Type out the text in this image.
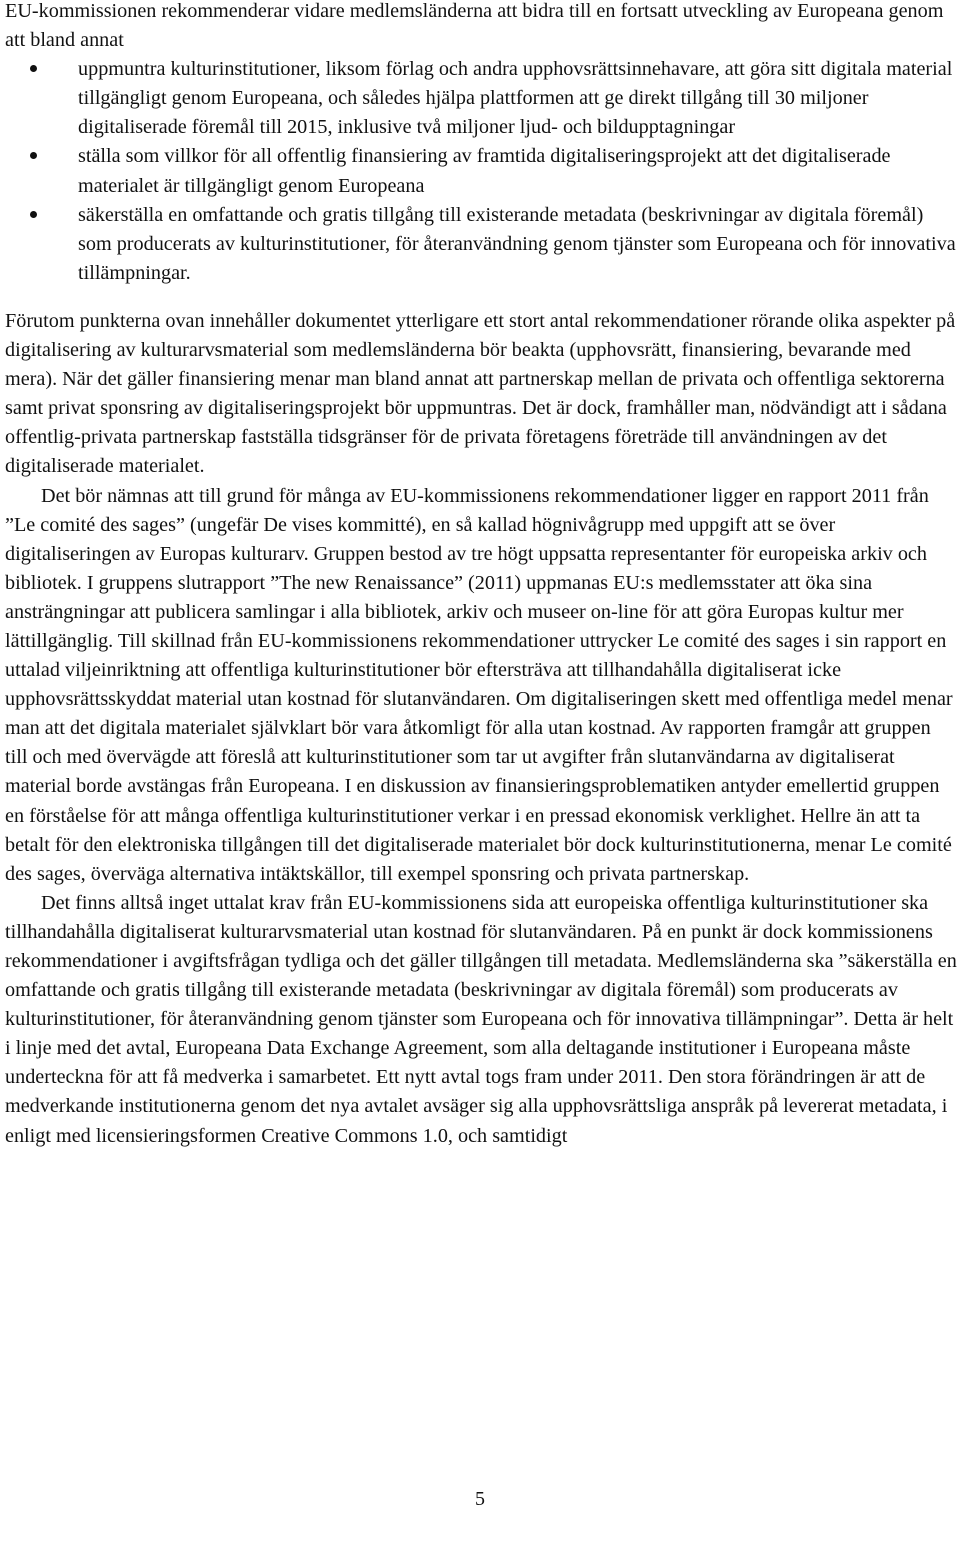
EU-kommissionen rekommenderar vidare medlemsländerna att bidra till en fortsatt utveckling av Europeana genom att bland annat

uppmuntra kulturinstitutioner, liksom förlag och andra upphovsrättsinnehavare, att göra sitt digitala material tillgängligt genom Europeana, och således hjälpa plattformen att ge direkt tillgång till 30 miljoner digitaliserade föremål till 2015, inklusive två miljoner ljud- och bildupptagningar
ställa som villkor för all offentlig finansiering av framtida digitaliseringsprojekt att det digitaliserade materialet är tillgängligt genom Europeana
säkerställa en omfattande och gratis tillgång till existerande metadata (beskrivningar av digitala föremål) som producerats av kulturinstitutioner, för återanvändning genom tjänster som Europeana och för innovativa tillämpningar.

Förutom punkterna ovan innehåller dokumentet ytterligare ett stort antal rekommendationer rörande olika aspekter på digitalisering av kulturarvsmaterial som medlemsländerna bör beakta (upphovsrätt, finansiering, bevarande med mera). När det gäller finansiering menar man bland annat att partnerskap mellan de privata och offentliga sektorerna samt privat sponsring av digitaliseringsprojekt bör uppmuntras. Det är dock, framhåller man, nödvändigt att i sådana offentlig-privata partnerskap fastställa tidsgränser för de privata företagens företräde till användningen av det digitaliserade materialet.

Det bör nämnas att till grund för många av EU-kommissionens rekommendationer ligger en rapport 2011 från ”Le comité des sages” (ungefär De vises kommitté), en så kallad högnivågrupp med uppgift att se över digitaliseringen av Europas kulturarv. Gruppen bestod av tre högt uppsatta representanter för europeiska arkiv och bibliotek. I gruppens slutrapport ”The new Renaissance” (2011) uppmanas EU:s medlemsstater att öka sina ansträngningar att publicera samlingar i alla bibliotek, arkiv och museer on-line för att göra Europas kultur mer lättillgänglig. Till skillnad från EU-kommissionens rekommendationer uttrycker Le comité des sages i sin rapport en uttalad viljeinriktning att offentliga kulturinstitutioner bör eftersträva att tillhandahålla digitaliserat icke upphovsrättsskyddat material utan kostnad för slutanvändaren. Om digitaliseringen skett med offentliga medel menar man att det digitala materialet självklart bör vara åtkomligt för alla utan kostnad. Av rapporten framgår att gruppen till och med övervägde att föreslå att kulturinstitutioner som tar ut avgifter från slutanvändarna av digitaliserat material borde avstängas från Europeana. I en diskussion av finansieringsproblematiken antyder emellertid gruppen en förståelse för att många offentliga kulturinstitutioner verkar i en pressad ekonomisk verklighet. Hellre än att ta betalt för den elektroniska tillgången till det digitaliserade materialet bör dock kulturinstitutionerna, menar Le comité des sages, överväga alternativa intäktskällor, till exempel sponsring och privata partnerskap.

Det finns alltså inget uttalat krav från EU-kommissionens sida att europeiska offentliga kulturinstitutioner ska tillhandahålla digitaliserat kulturarvsmaterial utan kostnad för slutanvändaren. På en punkt är dock kommissionens rekommendationer i avgiftsfrågan tydliga och det gäller tillgången till metadata. Medlemsländerna ska ”säkerställa en omfattande och gratis tillgång till existerande metadata (beskrivningar av digitala föremål) som producerats av kulturinstitutioner, för återanvändning genom tjänster som Europeana och för innovativa tillämpningar”. Detta är helt i linje med det avtal, Europeana Data Exchange Agreement, som alla deltagande institutioner i Europeana måste underteckna för att få medverka i samarbetet. Ett nytt avtal togs fram under 2011. Den stora förändringen är att de medverkande institutionerna genom det nya avtalet avsäger sig alla upphovsrättsliga anspråk på levererat metadata, i enligt med licensieringsformen Creative Commons 1.0, och samtidigt

5
